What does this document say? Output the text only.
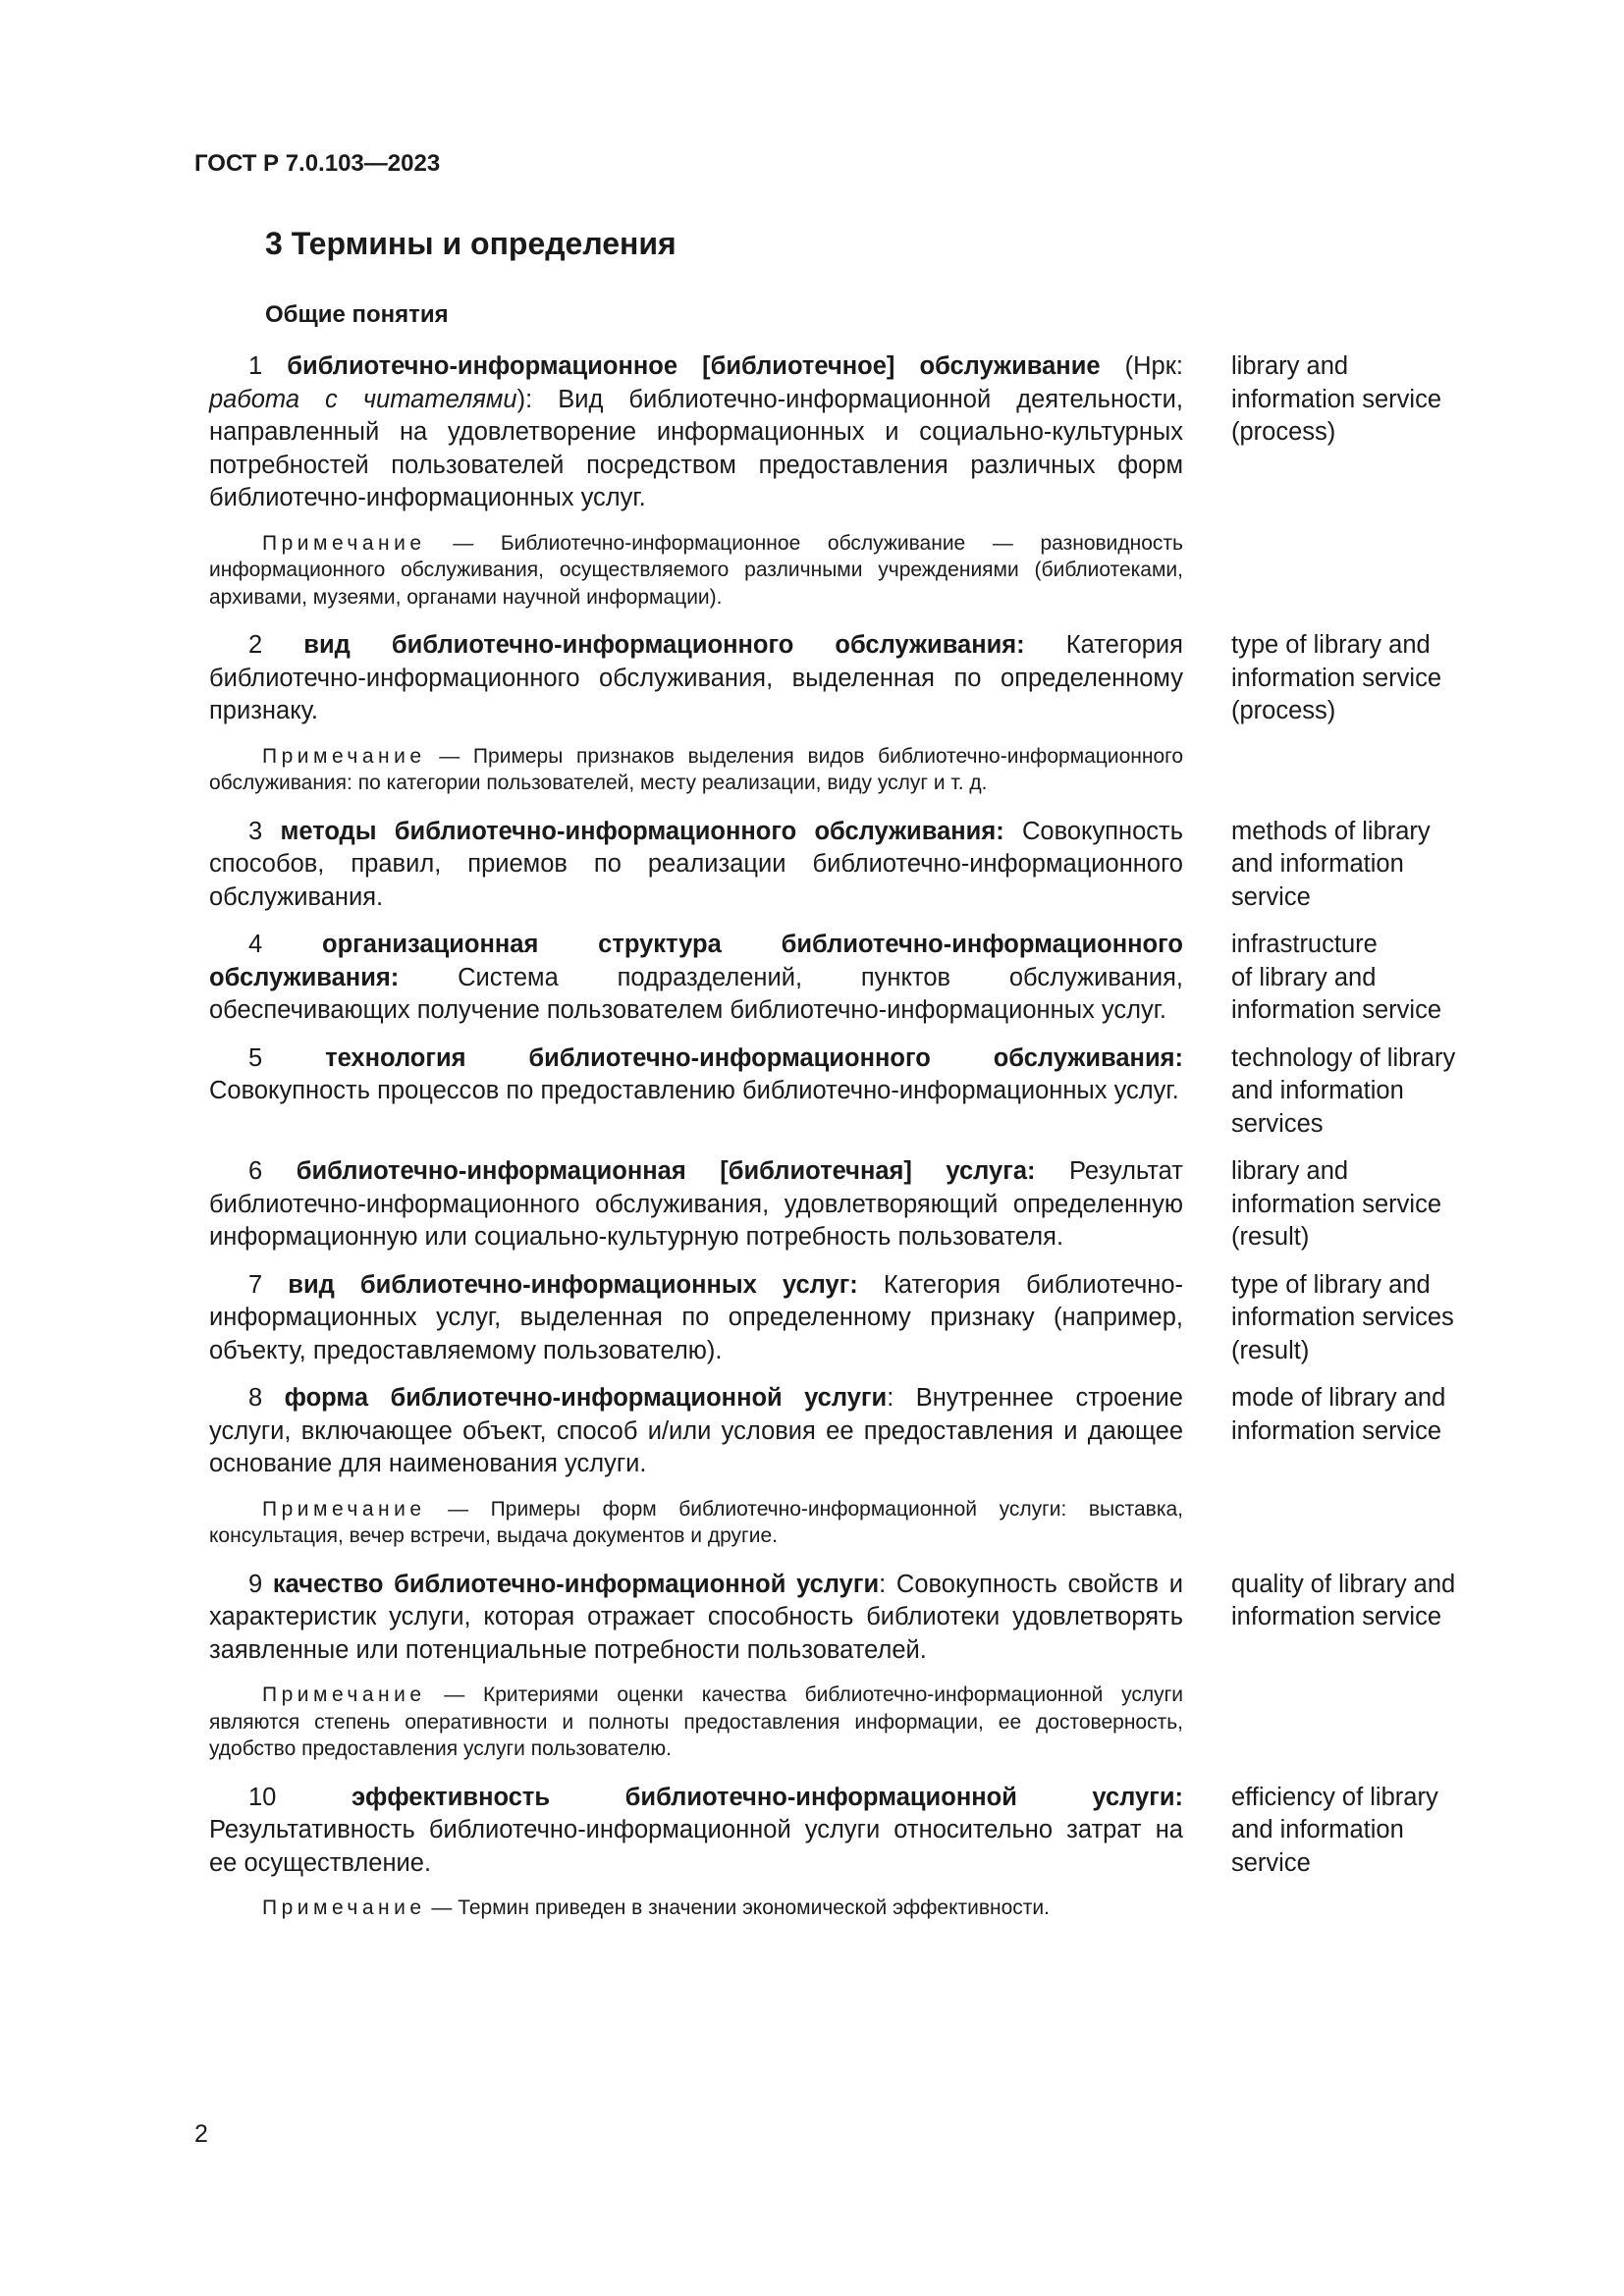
ГОСТ Р 7.0.103—2023
3 Термины и определения
Общие понятия
1 библиотечно-информационное [библиотечное] обслуживание (Нрк: работа с читателями): Вид библиотечно-информационной деятельности, направленный на удовлетворение информационных и социально-культурных потребностей пользователей посредством предоставления различных форм библиотечно-информационных услуг.
library and
information service
(process)
Примечание — Библиотечно-информационное обслуживание — разновидность информационного обслуживания, осуществляемого различными учреждениями (библиотеками, архивами, музеями, органами научной информации).
2 вид библиотечно-информационного обслуживания: Категория библиотечно-информационного обслуживания, выделенная по определенному признаку.
type of library and
information service
(process)
Примечание — Примеры признаков выделения видов библиотечно-информационного обслуживания: по категории пользователей, месту реализации, виду услуг и т. д.
3 методы библиотечно-информационного обслуживания: Совокупность способов, правил, приемов по реализации библиотечно-информационного обслуживания.
methods of library
and information
service
4 организационная структура библиотечно-информационного обслуживания: Система подразделений, пунктов обслуживания, обеспечивающих получение пользователем библиотечно-информационных услуг.
infrastructure
of library and
information service
5	технология библиотечно-информационного обслуживания: Совокупность процессов по предоставлению библиотечно-информационных услуг.
technology of library
and information
services
6 библиотечно-информационная [библиотечная] услуга: Результат библиотечно-информационного обслуживания, удовлетворяющий определенную информационную или социально-культурную потребность пользователя.
library and
information service
(result)
7 вид библиотечно-информационных услуг: Категория библиотечно-информационных услуг, выделенная по определенному признаку (например, объекту, предоставляемому пользователю).
type of library and
information services
(result)
8 форма библиотечно-информационной услуги: Внутреннее строение услуги, включающее объект, способ и/или условия ее предоставления и дающее основание для наименования услуги.
mode of library and
information service
Примечание — Примеры форм библиотечно-информационной услуги: выставка, консультация, вечер встречи, выдача документов и другие.
9 качество библиотечно-информационной услуги: Совокупность свойств и характеристик услуги, которая отражает способность библиотеки удовлетворять заявленные или потенциальные потребности пользователей.
quality of library and
information service
Примечание — Критериями оценки качества библиотечно-информационной услуги являются степень оперативности и полноты предоставления информации, ее достоверность, удобство предоставления услуги пользователю.
10	эффективность библиотечно-информационной услуги: Результативность библиотечно-информационной услуги относительно затрат на ее осуществление.
efficiency of library
and information
service
Примечание — Термин приведен в значении экономической эффективности.
2
